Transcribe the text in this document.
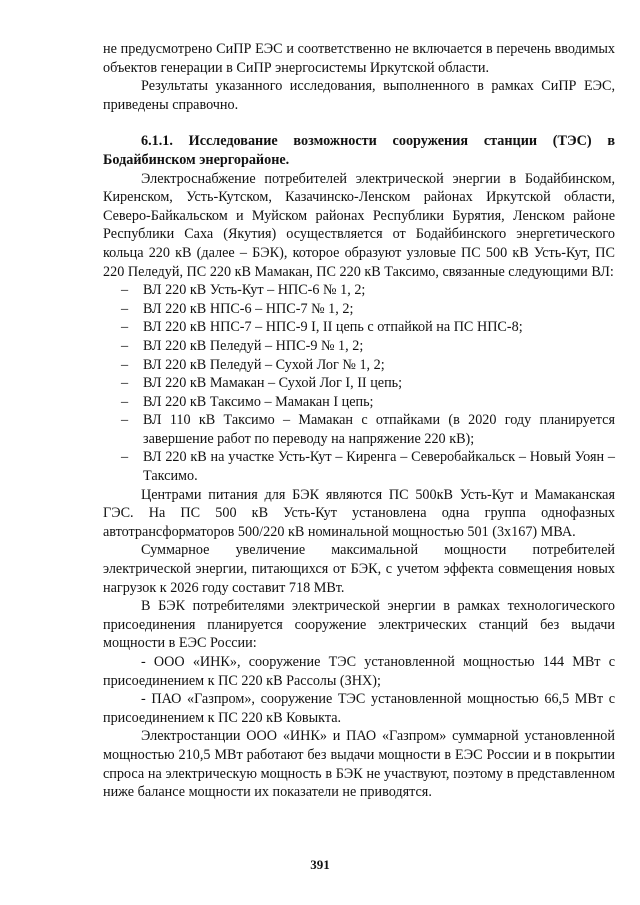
не предусмотрено СиПР ЕЭС и соответственно не включается в перечень вводимых объектов генерации в СиПР энергосистемы Иркутской области.

Результаты указанного исследования, выполненного в рамках СиПР ЕЭС, приведены справочно.

6.1.1. Исследование возможности сооружения станции (ТЭС) в Бодайбинском энергорайоне.

Электроснабжение потребителей электрической энергии в Бодайбинском, Киренском, Усть-Кутском, Казачинско-Ленском районах Иркутской области, Северо-Байкальском и Муйском районах Республики Бурятия, Ленском районе Республики Саха (Якутия) осуществляется от Бодайбинского энергетического кольца 220 кВ (далее – БЭК), которое образуют узловые ПС 500 кВ Усть-Кут, ПС 220 Пеледуй, ПС 220 кВ Мамакан, ПС 220 кВ Таксимо, связанные следующими ВЛ:

– ВЛ 220 кВ Усть-Кут – НПС-6 № 1, 2;
– ВЛ 220 кВ НПС-6 – НПС-7 № 1, 2;
– ВЛ 220 кВ НПС-7 – НПС-9 I, II цепь с отпайкой на ПС НПС-8;
– ВЛ 220 кВ Пеледуй – НПС-9 № 1, 2;
– ВЛ 220 кВ Пеледуй – Сухой Лог № 1, 2;
– ВЛ 220 кВ Мамакан – Сухой Лог I, II цепь;
– ВЛ 220 кВ Таксимо – Мамакан I цепь;
– ВЛ 110 кВ Таксимо – Мамакан с отпайками (в 2020 году планируется завершение работ по переводу на напряжение 220 кВ);
– ВЛ 220 кВ на участке Усть-Кут – Киренга – Северобайкальск – Новый Уоян – Таксимо.

Центрами питания для БЭК являются ПС 500кВ Усть-Кут и Мамаканская ГЭС. На ПС 500 кВ Усть-Кут установлена одна группа однофазных автотрансформаторов 500/220 кВ номинальной мощностью 501 (3х167) МВА.

Суммарное увеличение максимальной мощности потребителей электрической энергии, питающихся от БЭК, с учетом эффекта совмещения новых нагрузок к 2026 году составит 718 МВт.

В БЭК потребителями электрической энергии в рамках технологического присоединения планируется сооружение электрических станций без выдачи мощности в ЕЭС России:

- ООО «ИНК», сооружение ТЭС установленной мощностью 144 МВт с присоединением к ПС 220 кВ Рассолы (ЗНХ);

- ПАО «Газпром», сооружение ТЭС установленной мощностью 66,5 МВт с присоединением к ПС 220 кВ Ковыкта.

Электростанции ООО «ИНК» и ПАО «Газпром» суммарной установленной мощностью 210,5 МВт работают без выдачи мощности в ЕЭС России и в покрытии спроса на электрическую мощность в БЭК не участвуют, поэтому в представленном ниже балансе мощности их показатели не приводятся.

391
